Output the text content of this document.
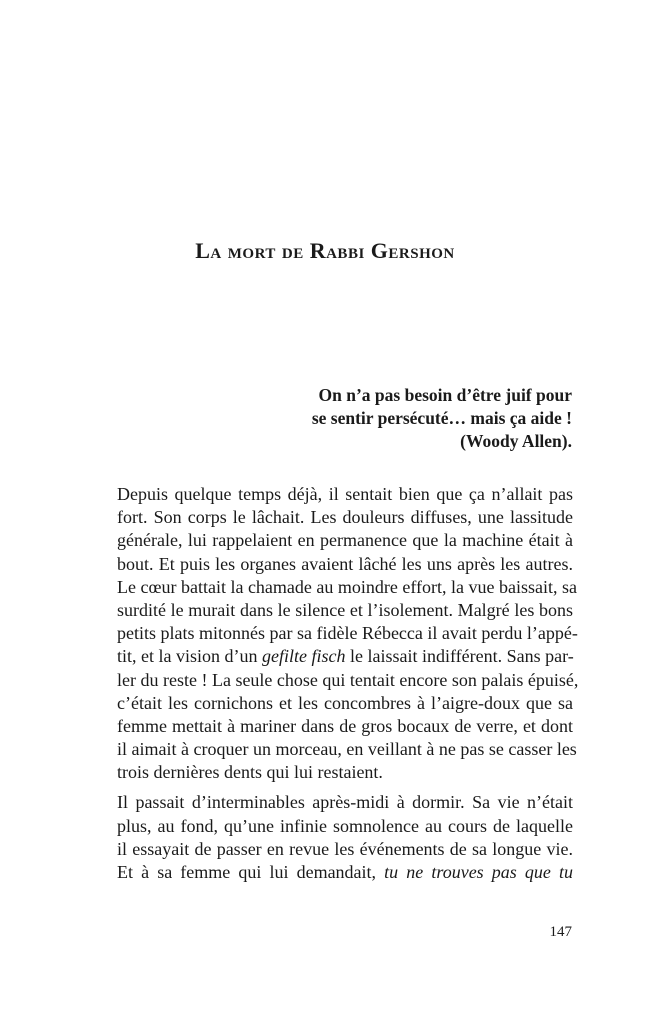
La mort de Rabbi Gershon
On n’a pas besoin d’être juif pour
se sentir persécuté… mais ça aide !
(Woody Allen).
Depuis quelque temps déjà, il sentait bien que ça n’allait pas
fort. Son corps le lâchait. Les douleurs diffuses, une lassitude
générale, lui rappelaient en permanence que la machine était à
bout. Et puis les organes avaient lâché les uns après les autres.
Le cœur battait la chamade au moindre effort, la vue baissait, sa
surdité le murait dans le silence et l’isolement. Malgré les bons
petits plats mitonnés par sa fidèle Rébecca il avait perdu l’appé-
tit, et la vision d’un gefilte fisch le laissait indifférent. Sans par-
ler du reste ! La seule chose qui tentait encore son palais épuisé,
c’était les cornichons et les concombres à l’aigre-doux que sa
femme mettait à mariner dans de gros bocaux de verre, et dont
il aimait à croquer un morceau, en veillant à ne pas se casser les
trois dernières dents qui lui restaient.
Il passait d’interminables après-midi à dormir. Sa vie n’était
plus, au fond, qu’une infinie somnolence au cours de laquelle
il essayait de passer en revue les événements de sa longue vie.
Et à sa femme qui lui demandait, tu ne trouves pas que tu
147
